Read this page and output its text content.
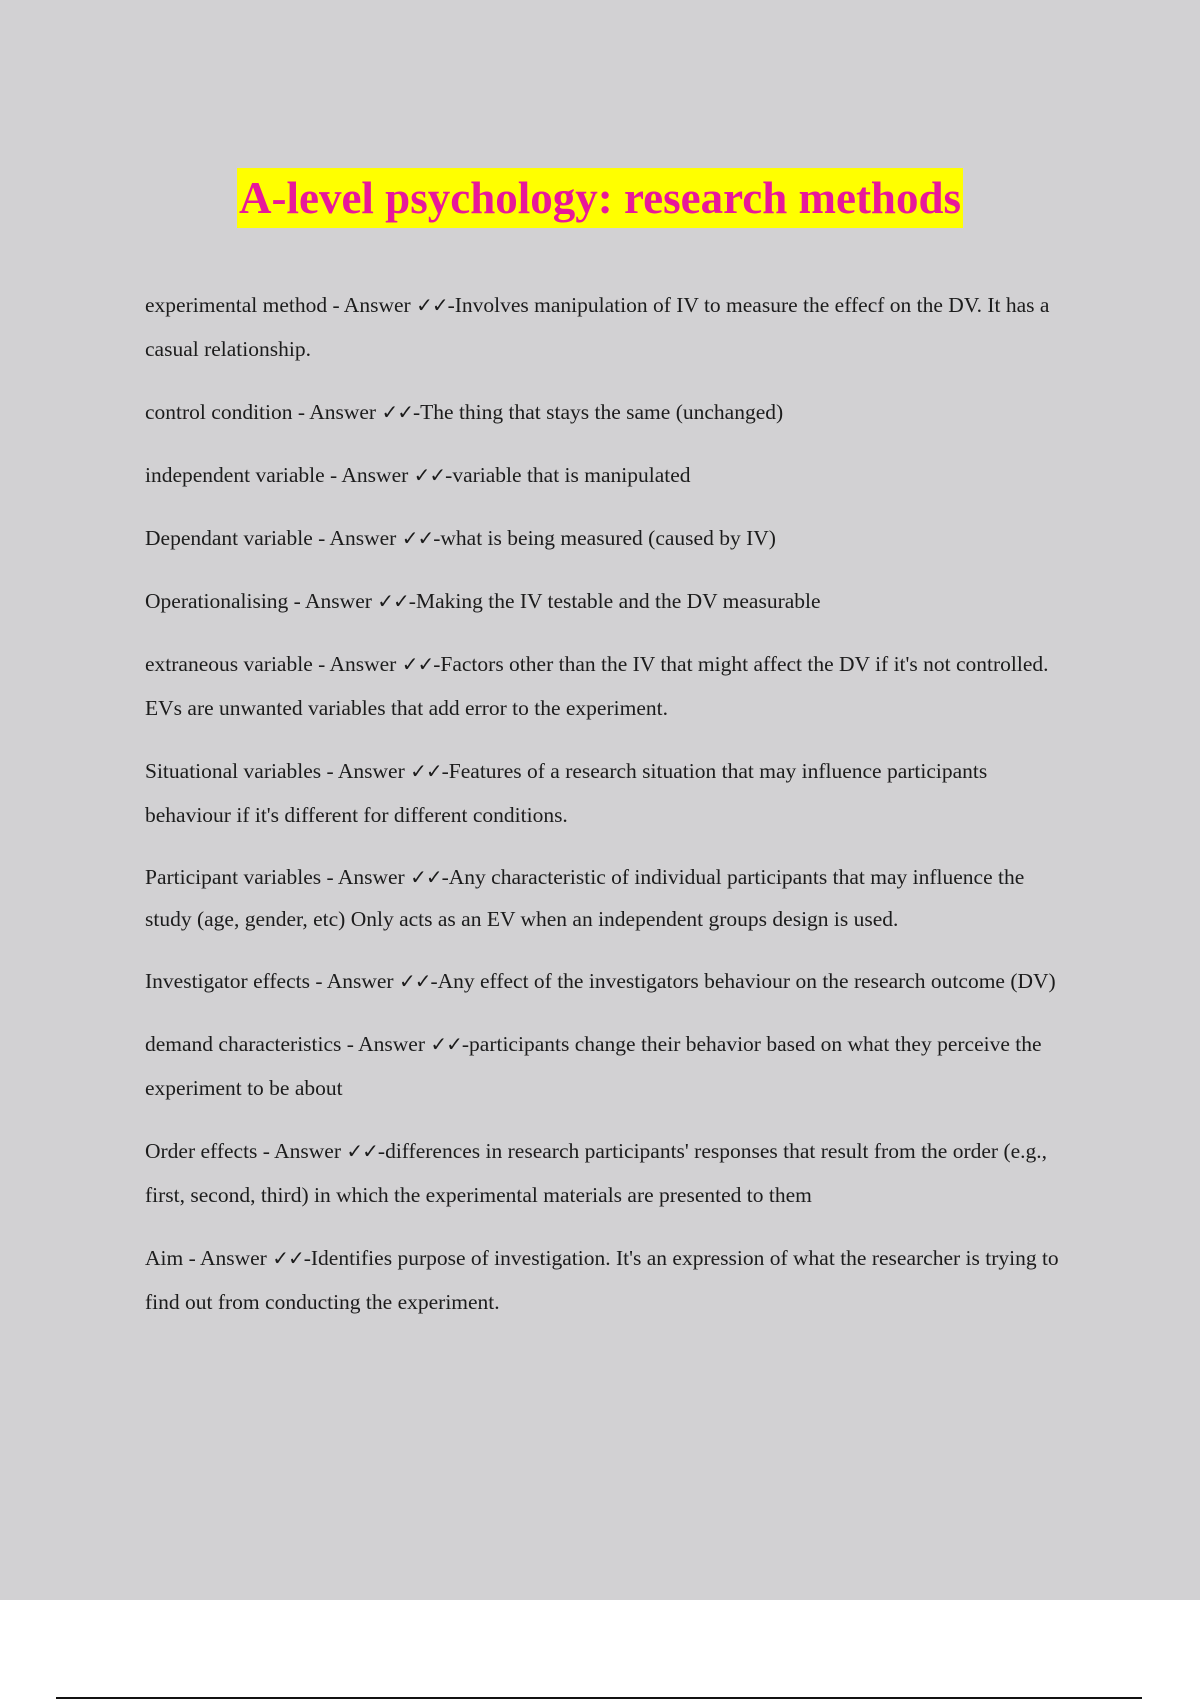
A-level psychology: research methods

experimental method - Answer ✓✓-Involves manipulation of IV to measure the effecf on the DV. It has a casual relationship.

control condition - Answer ✓✓-The thing that stays the same (unchanged)

independent variable - Answer ✓✓-variable that is manipulated

Dependant variable - Answer ✓✓-what is being measured (caused by IV)

Operationalising - Answer ✓✓-Making the IV testable and the DV measurable

extraneous variable - Answer ✓✓-Factors other than the IV that might affect the DV if it's not controlled. EVs are unwanted variables that add error to the experiment.

Situational variables - Answer ✓✓-Features of a research situation that may influence participants behaviour if it's different for different conditions.

Participant variables - Answer ✓✓-Any characteristic of individual participants that may influence the study (age, gender, etc) Only acts as an EV when an independent groups design is used.

Investigator effects - Answer ✓✓-Any effect of the investigators behaviour on the research outcome (DV)

demand characteristics - Answer ✓✓-participants change their behavior based on what they perceive the experiment to be about

Order effects - Answer ✓✓-differences in research participants' responses that result from the order (e.g., first, second, third) in which the experimental materials are presented to them

Aim - Answer ✓✓-Identifies purpose of investigation. It's an expression of what the researcher is trying to find out from conducting the experiment.
